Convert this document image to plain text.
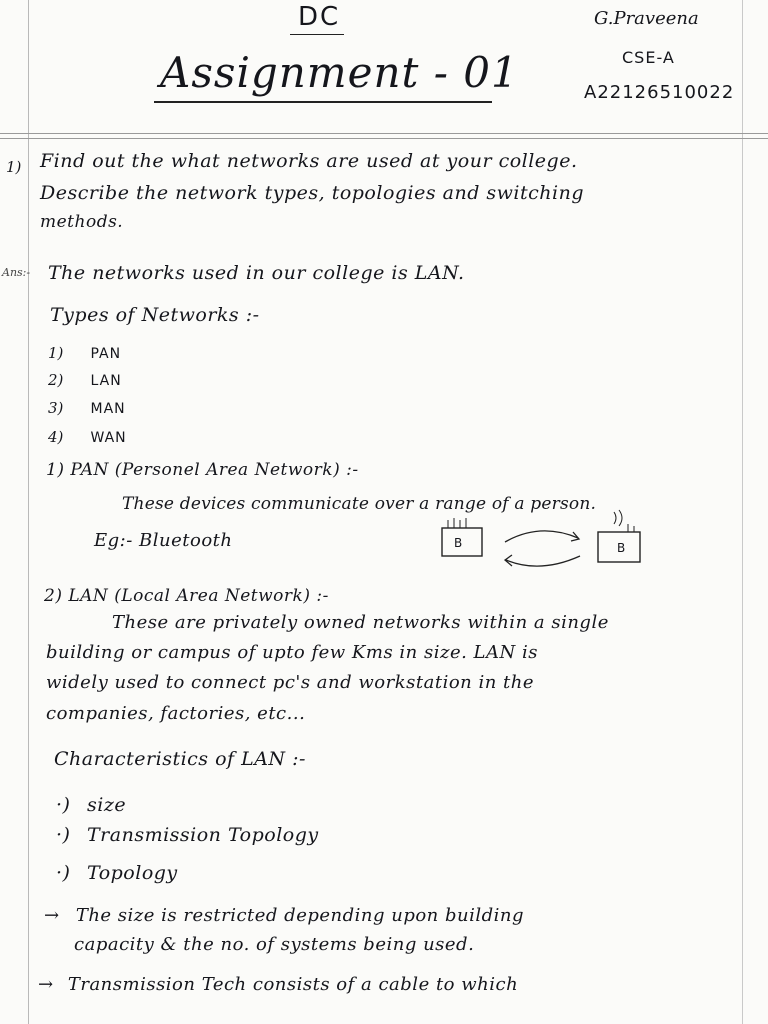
DC
Assignment - 01
G.Praveena
CSE-A
A22126510022
1) Find out the what networks are used at your college.
Describe the network types, topologies and switching
methods.
Ans:- The networks used in our college is LAN.
Types of Networks :-
1) PAN
2) LAN
3) MAN
4) WAN
1) PAN (Personel Area Network) :-
These devices communicate over a range of a person.
Eg:- Bluetooth	B	B
2) LAN (Local Area Network) :-
These are privately owned networks within a single
building or campus of upto few Kms in size. LAN is
widely used to connect pc's and workstation in the
companies, factories, etc...
Characteristics of LAN :-
·) size
·) Transmission Topology
·) Topology
→ The size is restricted depending upon building
capacity & the no. of systems being used.
→ Transmission Tech consists of a cable to which
